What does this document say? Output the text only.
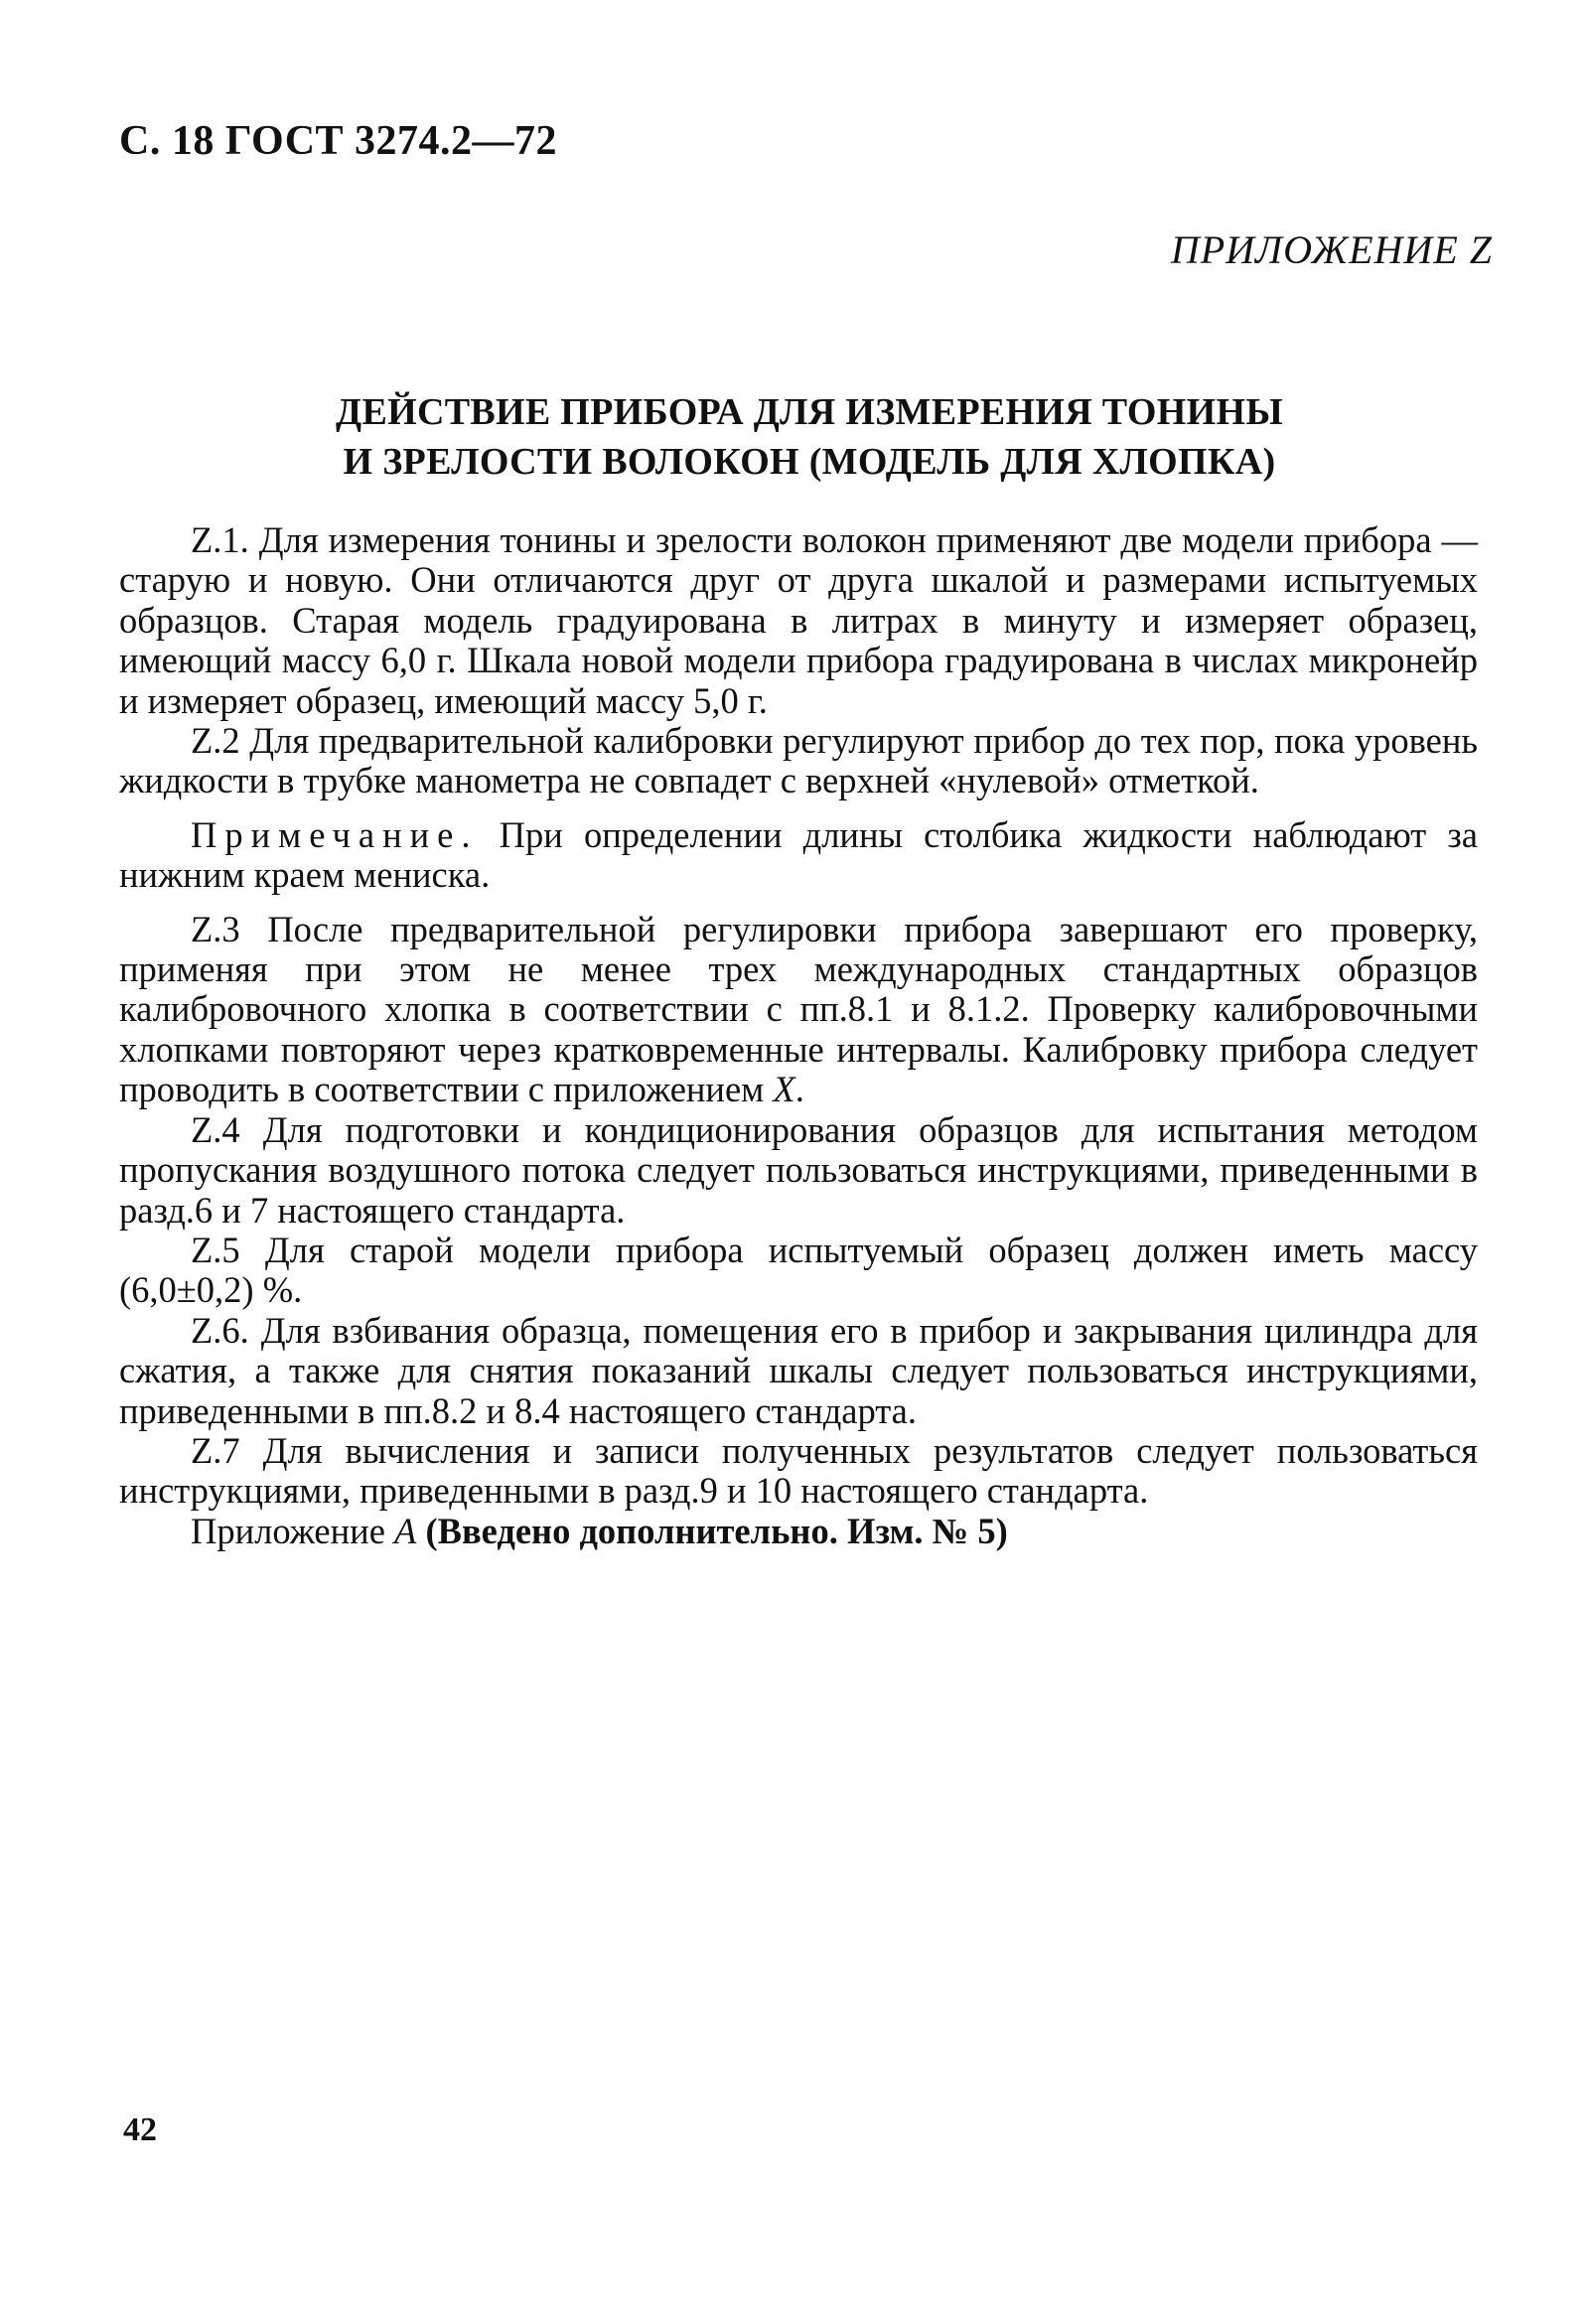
С. 18 ГОСТ 3274.2—72
ПРИЛОЖЕНИЕ Z
ДЕЙСТВИЕ ПРИБОРА ДЛЯ ИЗМЕРЕНИЯ ТОНИНЫ
И ЗРЕЛОСТИ ВОЛОКОН (МОДЕЛЬ ДЛЯ ХЛОПКА)

Z.1. Для измерения тонины и зрелости волокон применяют две модели прибора — старую и новую. Они отличаются друг от друга шкалой и размерами испытуемых образцов. Старая модель градуирована в литрах в минуту и измеряет образец, имеющий массу 6,0 г. Шкала новой модели прибора градуирована в числах микронейр и измеряет образец, имеющий массу 5,0 г.

Z.2 Для предварительной калибровки регулируют прибор до тех пор, пока уровень жидкости в трубке манометра не совпадет с верхней «нулевой» отметкой.

Примечание. При определении длины столбика жидкости наблюдают за нижним краем мениска.

Z.3 После предварительной регулировки прибора завершают его проверку, применяя при этом не менее трех международных стандартных образцов калибровочного хлопка в соответствии с пп.8.1 и 8.1.2. Проверку калибровочными хлопками повторяют через кратковременные интервалы. Калибровку прибора следует проводить в соответствии с приложением X.

Z.4 Для подготовки и кондиционирования образцов для испытания методом пропускания воздушного потока следует пользоваться инструкциями, приведенными в разд.6 и 7 настоящего стандарта.

Z.5 Для старой модели прибора испытуемый образец должен иметь массу (6,0±0,2) %.

Z.6. Для взбивания образца, помещения его в прибор и закрывания цилиндра для сжатия, а также для снятия показаний шкалы следует пользоваться инструкциями, приведенными в пп.8.2 и 8.4 настоящего стандарта.

Z.7 Для вычисления и записи полученных результатов следует пользоваться инструкциями, приведенными в разд.9 и 10 настоящего стандарта.

Приложение А (Введено дополнительно. Изм. № 5)

42
